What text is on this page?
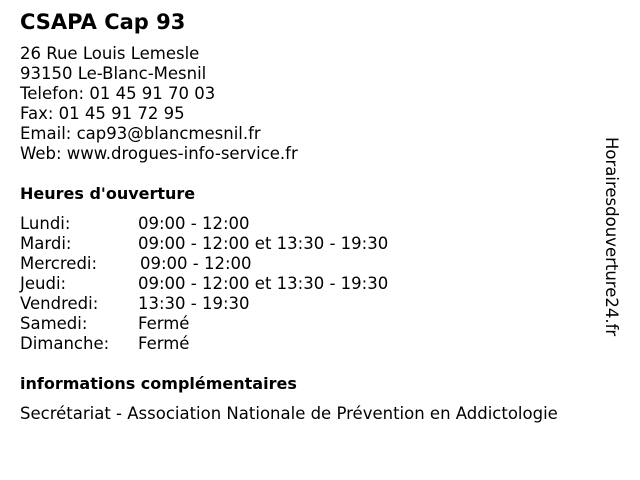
CSAPA Cap 93
26 Rue Louis Lemesle
93150 Le-Blanc-Mesnil
Telefon: 01 45 91 70 03
Fax: 01 45 91 72 95
Email: cap93@blancmesnil.fr
Web: www.drogues-info-service.fr
Heures d'ouverture
Lundi:	09:00 - 12:00
Mardi:	09:00 - 12:00 et 13:30 - 19:30
Mercredi:	09:00 - 12:00
Jeudi:	09:00 - 12:00 et 13:30 - 19:30
Vendredi: 13:30 - 19:30
Samedi:	Fermé
Dimanche: Fermé
informations complémentaires
Secrétariat - Association Nationale de Prévention en Addictologie
Horairesdouverture24.fr
